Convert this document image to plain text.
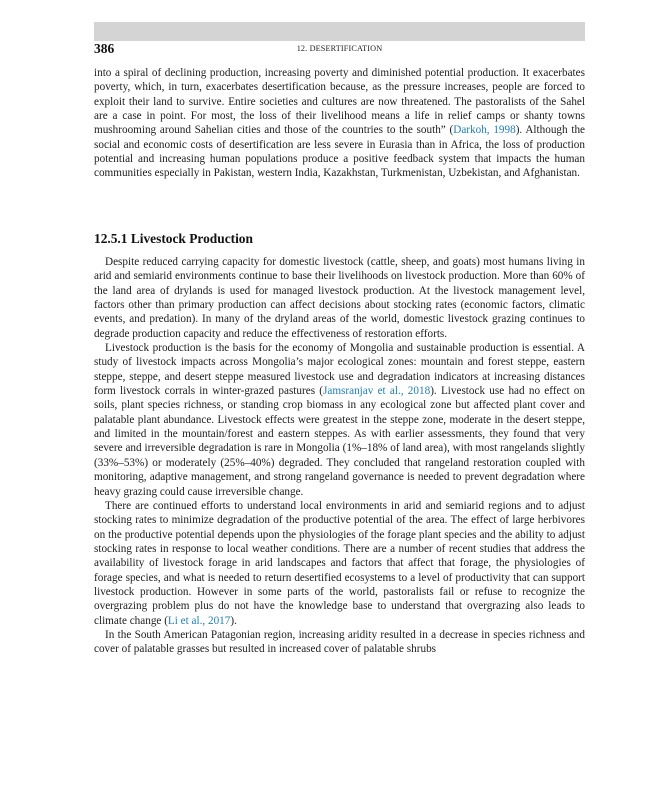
386	12. DESERTIFICATION

into a spiral of declining production, increasing poverty and diminished potential production. It exacerbates poverty, which, in turn, exacerbates desertification because, as the pressure increases, people are forced to exploit their land to survive. Entire societies and cultures are now threatened. The pastoralists of the Sahel are a case in point. For most, the loss of their livelihood means a life in relief camps or shanty towns mushrooming around Sahelian cities and those of the countries to the south” (Darkoh, 1998). Although the social and economic costs of desertification are less severe in Eurasia than in Africa, the loss of production potential and increasing human populations produce a positive feedback system that impacts the human communities especially in Pakistan, western India, Kazakhstan, Turkmenistan, Uzbekistan, and Afghanistan.

12.5.1 Livestock Production

Despite reduced carrying capacity for domestic livestock (cattle, sheep, and goats) most humans living in arid and semiarid environments continue to base their livelihoods on livestock production. More than 60% of the land area of drylands is used for managed livestock production. At the livestock management level, factors other than primary production can affect decisions about stocking rates (economic factors, climatic events, and predation). In many of the dryland areas of the world, domestic livestock grazing continues to degrade production capacity and reduce the effectiveness of restoration efforts.

Livestock production is the basis for the economy of Mongolia and sustainable production is essential. A study of livestock impacts across Mongolia’s major ecological zones: mountain and forest steppe, eastern steppe, steppe, and desert steppe measured livestock use and degradation indicators at increasing distances form livestock corrals in winter-grazed pastures (Jamsranjav et al., 2018). Livestock use had no effect on soils, plant species richness, or standing crop biomass in any ecological zone but affected plant cover and palatable plant abundance. Livestock effects were greatest in the steppe zone, moderate in the desert steppe, and limited in the mountain/forest and eastern steppes. As with earlier assessments, they found that very severe and irreversible degradation is rare in Mongolia (1%–18% of land area), with most rangelands slightly (33%–53%) or moderately (25%–40%) degraded. They concluded that rangeland restoration coupled with monitoring, adaptive management, and strong rangeland governance is needed to prevent degradation where heavy grazing could cause irreversible change.

There are continued efforts to understand local environments in arid and semiarid regions and to adjust stocking rates to minimize degradation of the productive potential of the area. The effect of large herbivores on the productive potential depends upon the physiologies of the forage plant species and the ability to adjust stocking rates in response to local weather conditions. There are a number of recent studies that address the availability of livestock forage in arid landscapes and factors that affect that forage, the physiologies of forage species, and what is needed to return desertified ecosystems to a level of productivity that can support livestock production. However in some parts of the world, pastoralists fail or refuse to recognize the overgrazing problem plus do not have the knowledge base to understand that overgrazing also leads to climate change (Li et al., 2017).

In the South American Patagonian region, increasing aridity resulted in a decrease in species richness and cover of palatable grasses but resulted in increased cover of palatable shrubs
